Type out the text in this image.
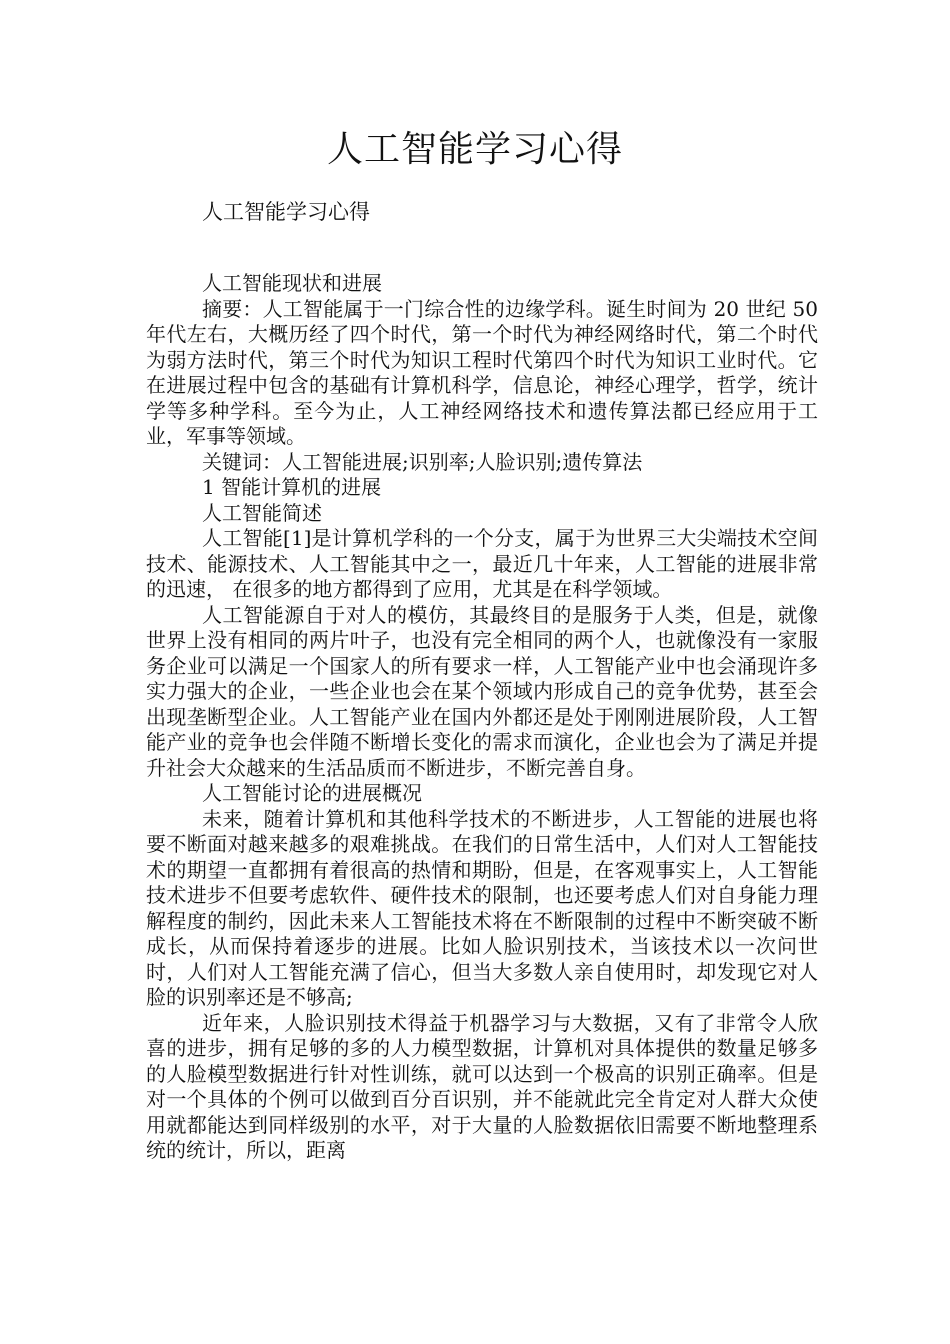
人工智能学习心得

人工智能学习心得

人工智能现状和进展

摘要：人工智能属于一门综合性的边缘学科。诞生时间为 20 世纪 50 年代左右，大概历经了四个时代，第一个时代为神经网络时代，第二个时代为弱方法时代，第三个时代为知识工程时代第四个时代为知识工业时代。它在进展过程中包含的基础有计算机科学，信息论，神经心理学，哲学，统计学等多种学科。至今为止，人工神经网络技术和遗传算法都已经应用于工业，军事等领域。

关键词：人工智能进展;识别率;人脸识别;遗传算法

1 智能计算机的进展

人工智能简述

人工智能[1]是计算机学科的一个分支，属于为世界三大尖端技术空间技术、能源技术、人工智能其中之一，最近几十年来，人工智能的进展非常的迅速， 在很多的地方都得到了应用，尤其是在科学领域。

人工智能源自于对人的模仿，其最终目的是服务于人类，但是，就像世界上没有相同的两片叶子，也没有完全相同的两个人，也就像没有一家服务企业可以满足一个国家人的所有要求一样，人工智能产业中也会涌现许多实力强大的企业，一些企业也会在某个领域内形成自己的竞争优势，甚至会出现垄断型企业。人工智能产业在国内外都还是处于刚刚进展阶段，人工智能产业的竞争也会伴随不断增长变化的需求而演化，企业也会为了满足并提升社会大众越来的生活品质而不断进步，不断完善自身。

人工智能讨论的进展概况

未来，随着计算机和其他科学技术的不断进步，人工智能的进展也将要不断面对越来越多的艰难挑战。在我们的日常生活中，人们对人工智能技术的期望一直都拥有着很高的热情和期盼，但是，在客观事实上，人工智能技术进步不但要考虑软件、硬件技术的限制，也还要考虑人们对自身能力理解程度的制约，因此未来人工智能技术将在不断限制的过程中不断突破不断成长，从而保持着逐步的进展。比如人脸识别技术，当该技术以一次问世时，人们对人工智能充满了信心，但当大多数人亲自使用时，却发现它对人脸的识别率还是不够高;

近年来，人脸识别技术得益于机器学习与大数据，又有了非常令人欣喜的进步，拥有足够的多的人力模型数据，计算机对具体提供的数量足够多的人脸模型数据进行针对性训练，就可以达到一个极高的识别正确率。但是对一个具体的个例可以做到百分百识别，并不能就此完全肯定对人群大众使用就都能达到同样级别的水平，对于大量的人脸数据依旧需要不断地整理系统的统计，所以，距离
